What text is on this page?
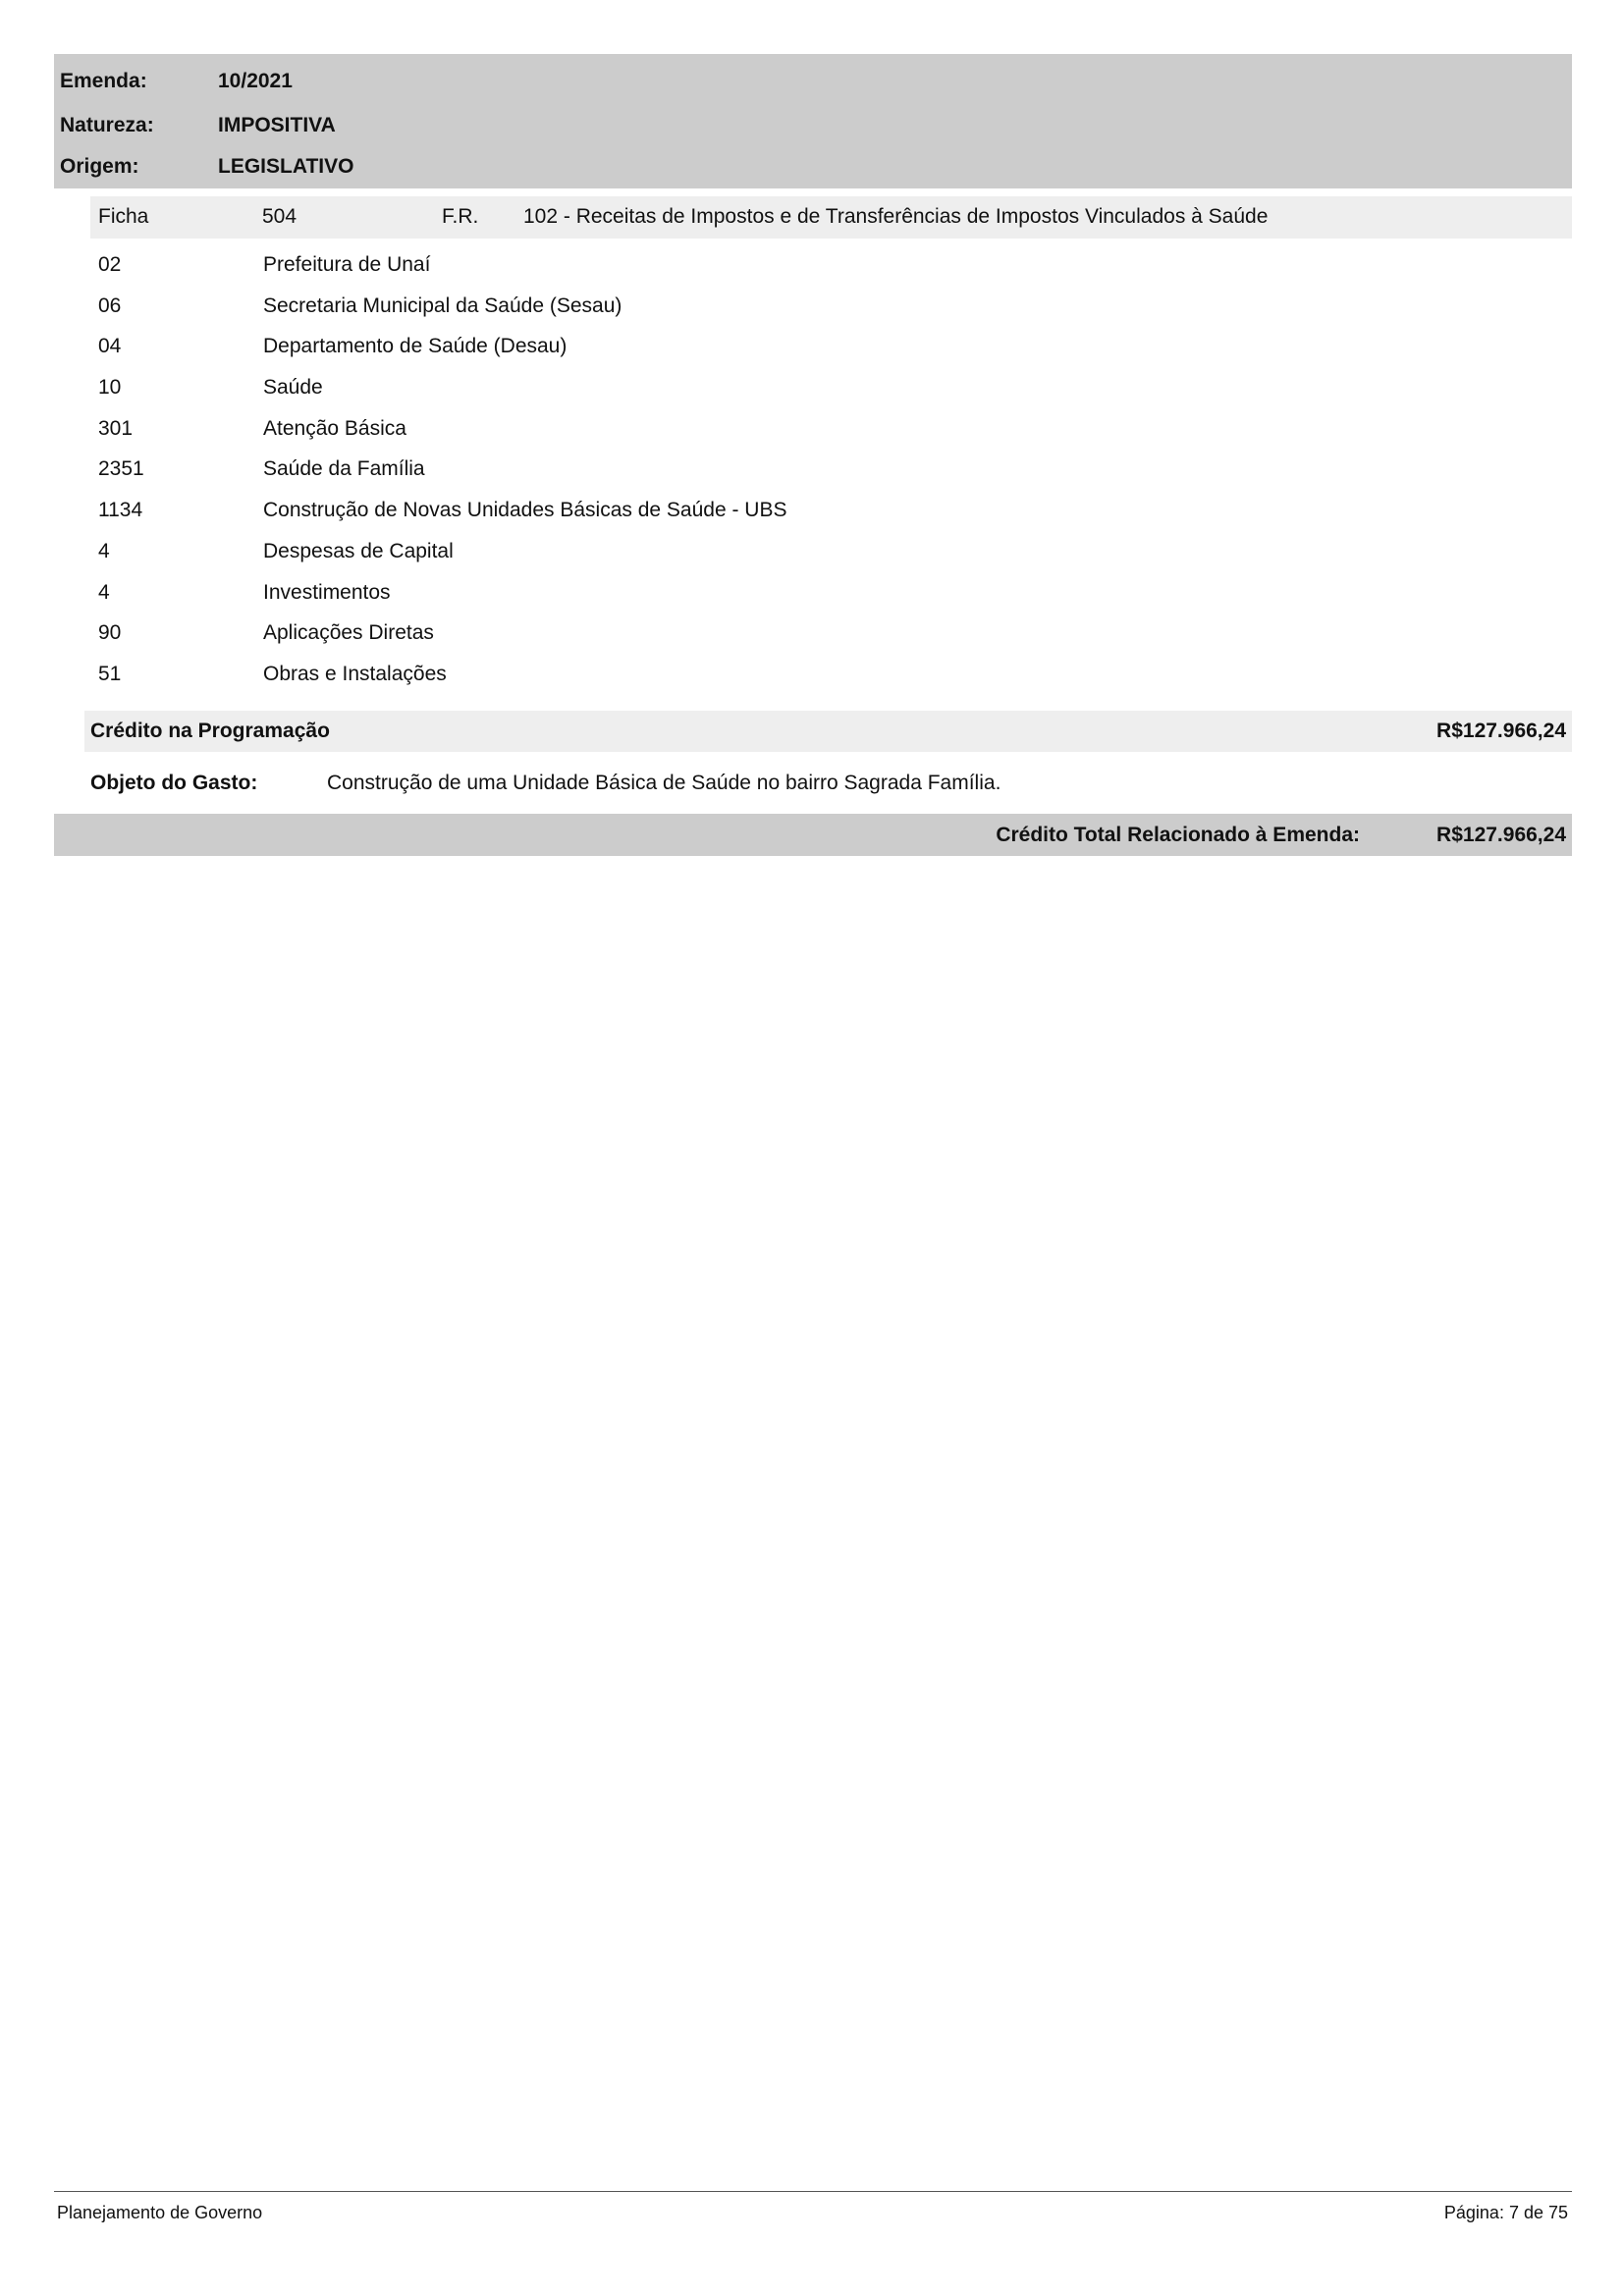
Emenda:	10/2021
Natureza:	IMPOSITIVA
Origem:	LEGISLATIVO
Ficha	504	F.R. 102 - Receitas de Impostos e de Transferências de Impostos Vinculados à Saúde
02	Prefeitura de Unaí
06	Secretaria Municipal da Saúde (Sesau)
04	Departamento de Saúde (Desau)
10	Saúde
301	Atenção Básica
2351	Saúde da Família
1134	Construção de Novas Unidades Básicas de Saúde - UBS
4	Despesas de Capital
4	Investimentos
90	Aplicações Diretas
51	Obras e Instalações
Crédito na Programação	R$127.966,24
Objeto do Gasto:	Construção de uma Unidade Básica de Saúde no bairro Sagrada Família.
Crédito Total Relacionado à Emenda:	R$127.966,24
Planejamento de Governo	Página: 7 de 75
